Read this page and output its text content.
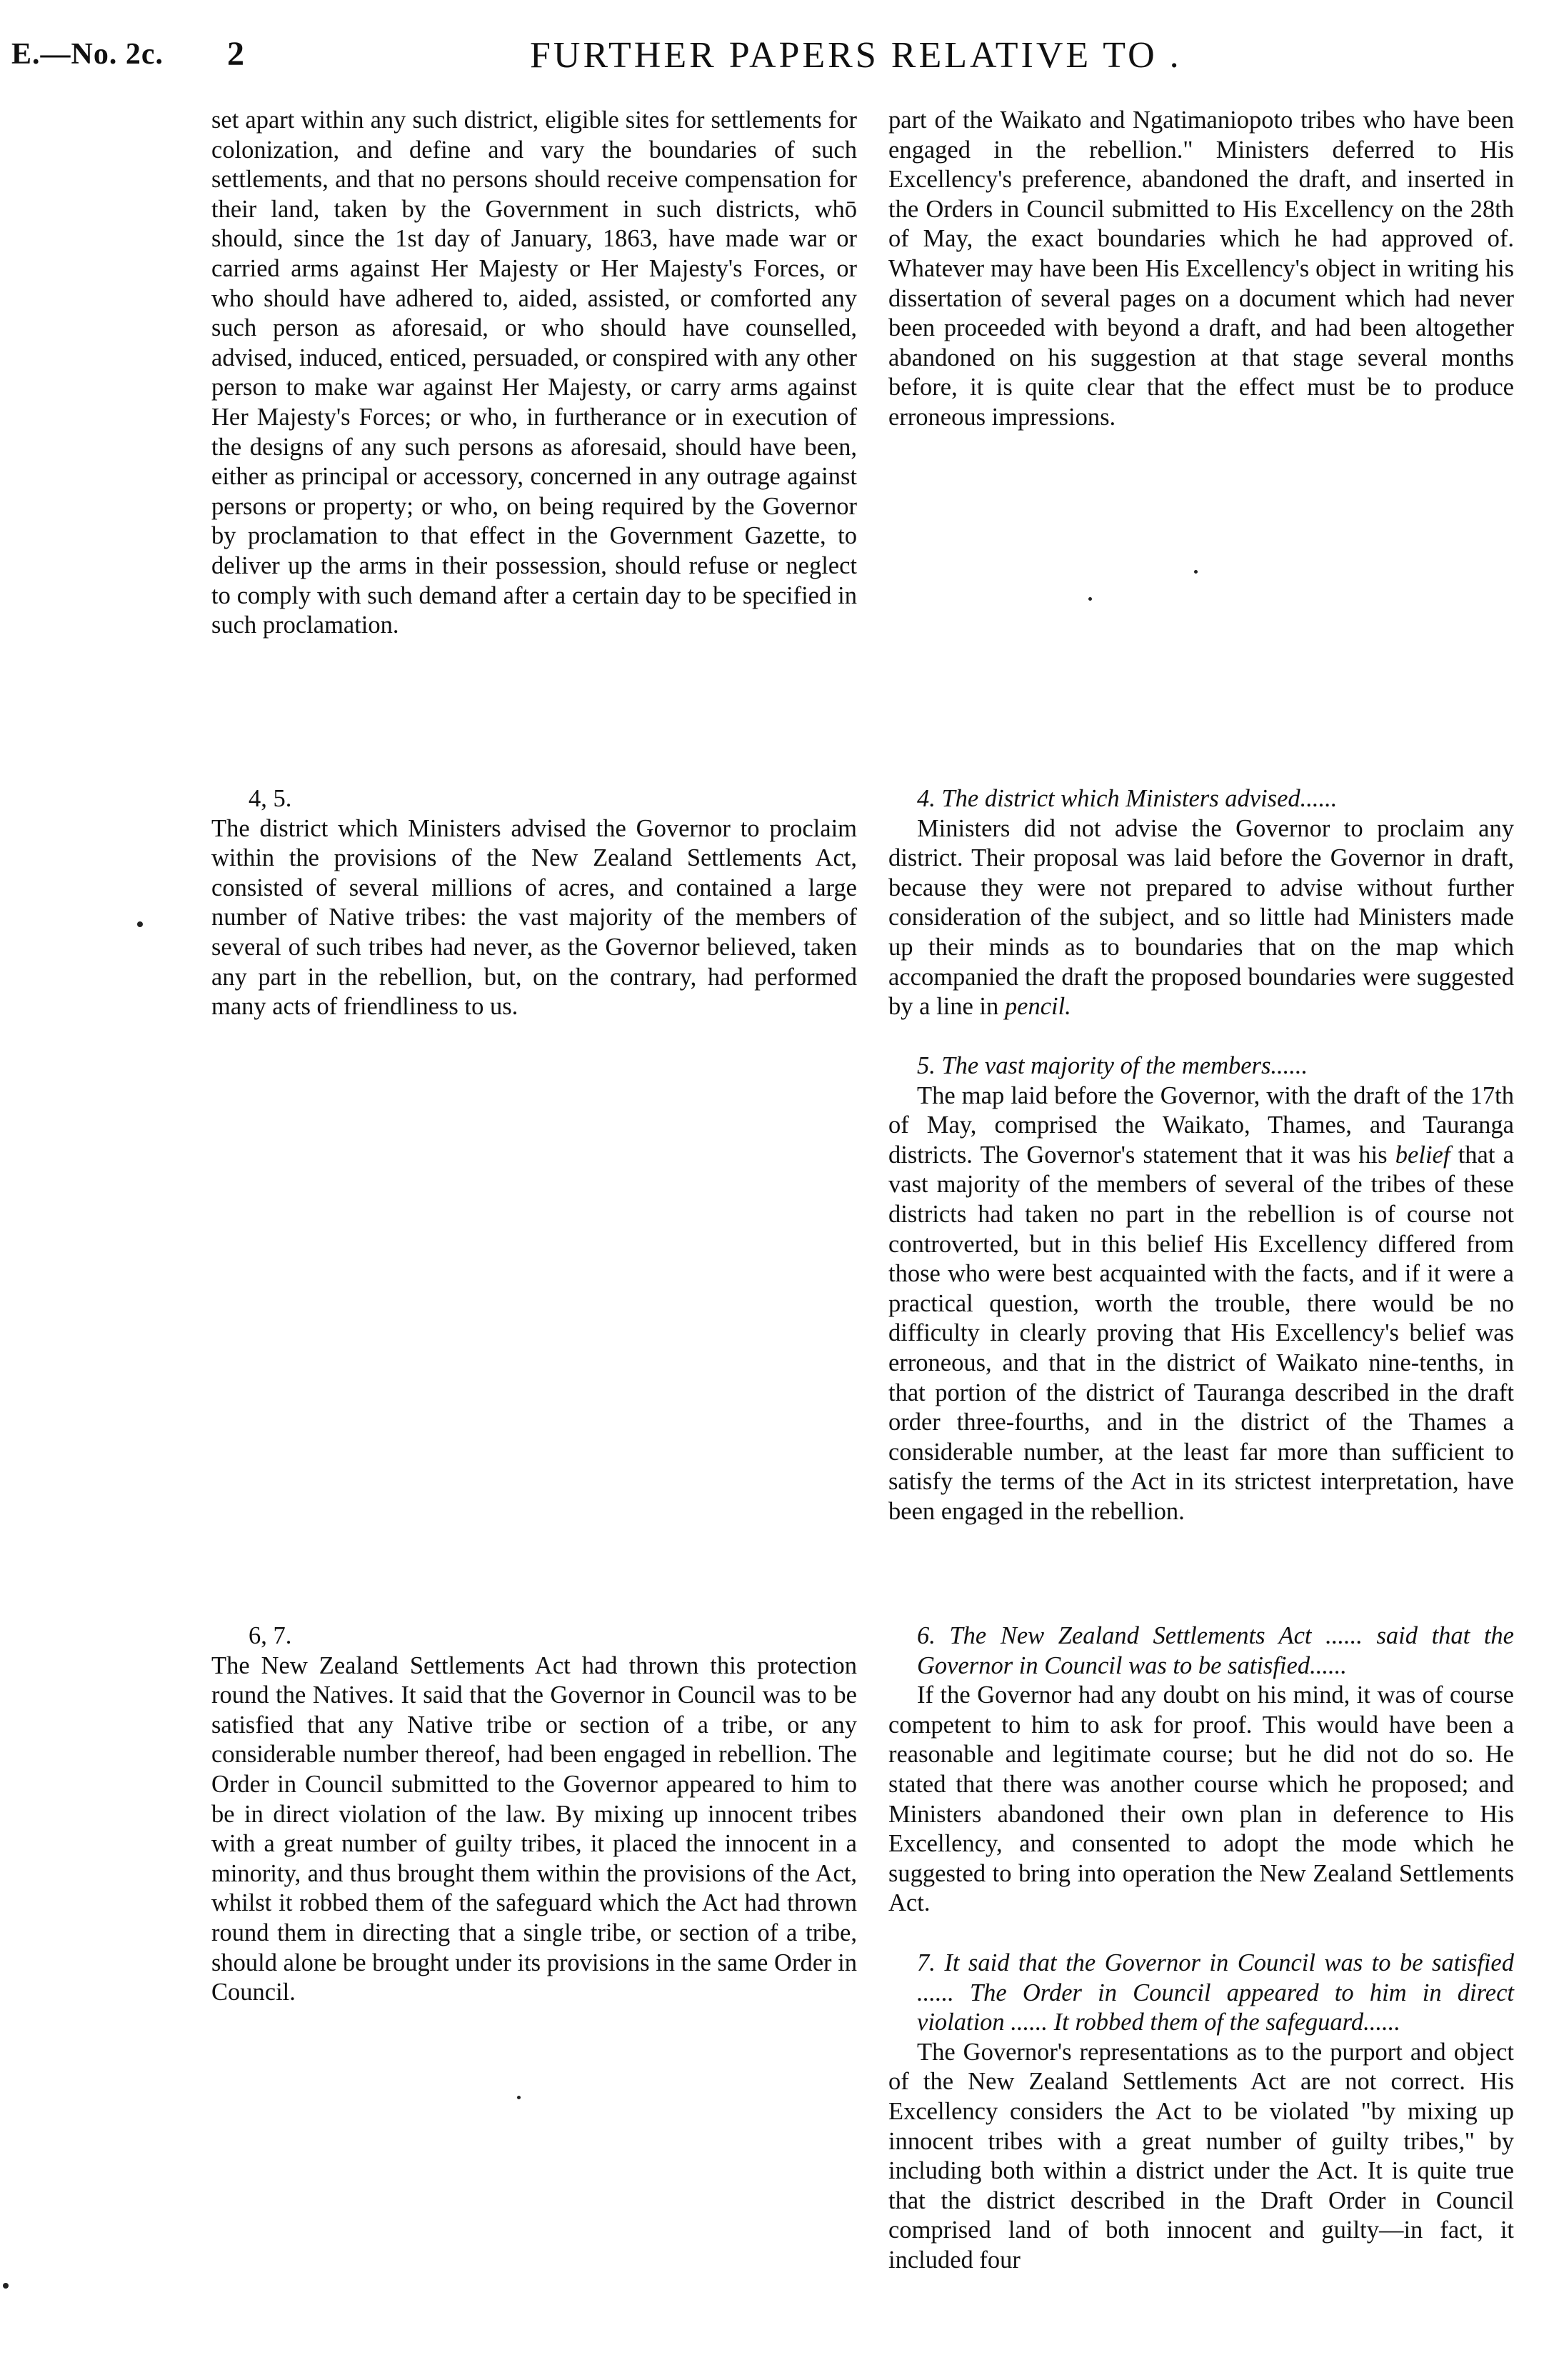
E.—No. 2c. 2	FURTHER PAPERS RELATIVE TO .

set apart within any such district, eligible sites for settlements for colonization, and define and vary the boundaries of such settlements, and that no persons should receive compensation for their land, taken by the Government in such districts, whō should, since the 1st day of January, 1863, have made war or carried arms against Her Majesty or Her Majesty's Forces, or who should have adhered to, aided, assisted, or comforted any such person as aforesaid, or who should have counselled, advised, induced, enticed, persuaded, or conspired with any other person to make war against Her Majesty, or carry arms against Her Majesty's Forces; or who, in furtherance or in execution of the designs of any such persons as aforesaid, should have been, either as principal or accessory, concerned in any outrage against persons or property; or who, on being required by the Governor by proclamation to that effect in the Government Gazette, to deliver up the arms in their possession, should refuse or neglect to comply with such demand after a certain day to be specified in such proclamation.

4, 5.

The district which Ministers advised the Governor to proclaim within the provisions of the New Zealand Settlements Act, consisted of several millions of acres, and contained a large number of Native tribes: the vast majority of the members of several of such tribes had never, as the Governor believed, taken any part in the rebellion, but, on the contrary, had performed many acts of friendliness to us.

6, 7.

The New Zealand Settlements Act had thrown this protection round the Natives. It said that the Governor in Council was to be satisfied that any Native tribe or section of a tribe, or any considerable number thereof, had been engaged in rebellion. The Order in Council submitted to the Governor appeared to him to be in direct violation of the law. By mixing up innocent tribes with a great number of guilty tribes, it placed the innocent in a minority, and thus brought them within the provisions of the Act, whilst it robbed them of the safeguard which the Act had thrown round them in directing that a single tribe, or section of a tribe, should alone be brought under its provisions in the same Order in Council.

part of the Waikato and Ngatimaniopoto tribes who have been engaged in the rebellion." Ministers deferred to His Excellency's preference, abandoned the draft, and inserted in the Orders in Council submitted to His Excellency on the 28th of May, the exact boundaries which he had approved of. Whatever may have been His Excellency's object in writing his dissertation of several pages on a document which had never been proceeded with beyond a draft, and had been altogether abandoned on his suggestion at that stage several months before, it is quite clear that the effect must be to produce erroneous impressions.

4. The district which Ministers advised......

Ministers did not advise the Governor to proclaim any district. Their proposal was laid before the Governor in draft, because they were not prepared to advise without further consideration of the subject, and so little had Ministers made up their minds as to boundaries that on the map which accompanied the draft the proposed boundaries were suggested by a line in pencil.

5. The vast majority of the members......

The map laid before the Governor, with the draft of the 17th of May, comprised the Waikato, Thames, and Tauranga districts. The Governor's statement that it was his belief that a vast majority of the members of several of the tribes of these districts had taken no part in the rebellion is of course not controverted, but in this belief His Excellency differed from those who were best acquainted with the facts, and if it were a practical question, worth the trouble, there would be no difficulty in clearly proving that His Excellency's belief was erroneous, and that in the district of Waikato nine-tenths, in that portion of the district of Tauranga described in the draft order three-fourths, and in the district of the Thames a considerable number, at the least far more than sufficient to satisfy the terms of the Act in its strictest interpretation, have been engaged in the rebellion.

6. The New Zealand Settlements Act ...... said that the Governor in Council was to be satisfied......

If the Governor had any doubt on his mind, it was of course competent to him to ask for proof. This would have been a reasonable and legitimate course; but he did not do so. He stated that there was another course which he proposed; and Ministers abandoned their own plan in deference to His Excellency, and consented to adopt the mode which he suggested to bring into operation the New Zealand Settlements Act.

7. It said that the Governor in Council was to be satisfied ...... The Order in Council appeared to him in direct violation ...... It robbed them of the safeguard......

The Governor's representations as to the purport and object of the New Zealand Settlements Act are not correct. His Excellency considers the Act to be violated "by mixing up innocent tribes with a great number of guilty tribes," by including both within a district under the Act. It is quite true that the district described in the Draft Order in Council comprised land of both innocent and guilty—in fact, it included four
